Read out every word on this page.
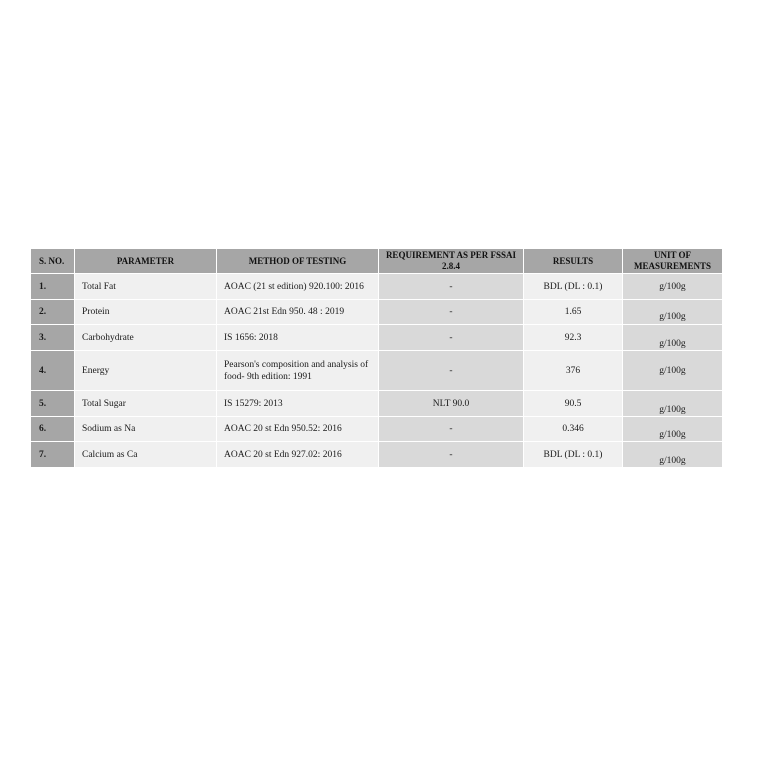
S. NO.	PARAMETER	METHOD OF TESTING	REQUIREMENT AS PER FSSAI 2.8.4	RESULTS	UNIT OF MEASUREMENTS
1.	Total Fat	AOAC (21 st edition) 920.100: 2016	-	BDL (DL : 0.1)	g/100g
2.	Protein	AOAC 21st Edn 950. 48 : 2019	-	1.65	g/100g
3.	Carbohydrate	IS 1656: 2018	-	92.3	g/100g
4.	Energy	Pearson's composition and analysis of food- 9th edition: 1991	-	376	g/100g
5.	Total Sugar	IS 15279: 2013	NLT 90.0	90.5	g/100g
6.	Sodium as Na	AOAC 20 st Edn 950.52: 2016	-	0.346	g/100g
7.	Calcium as Ca	AOAC 20 st Edn 927.02: 2016	-	BDL (DL : 0.1)	g/100g
